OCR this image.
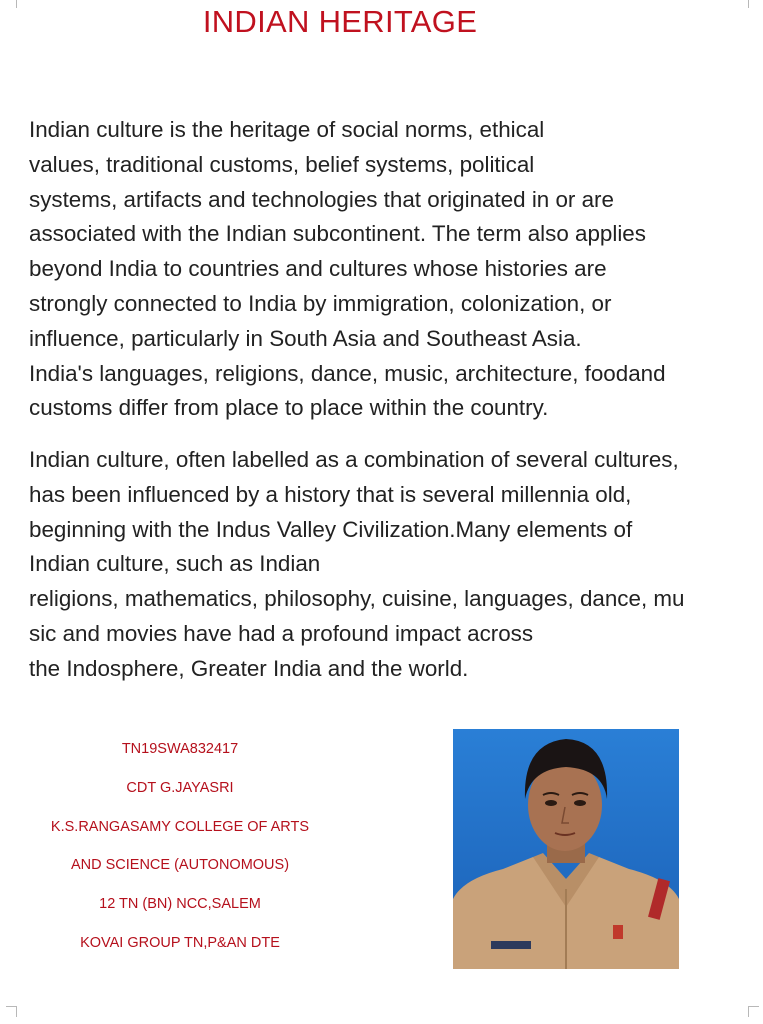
INDIAN HERITAGE
Indian culture is the heritage of social norms, ethical
values, traditional customs, belief systems, political
systems, artifacts and technologies that originated in or are
associated with the Indian subcontinent. The term also applies
beyond India to countries and cultures whose histories are
strongly connected to India by immigration, colonization, or
influence, particularly in South Asia and Southeast Asia.
India's languages, religions, dance, music, architecture, foodand
customs differ from place to place within the country.
Indian culture, often labelled as a combination of several cultures,
has been influenced by a history that is several millennia old,
beginning with the Indus Valley Civilization.Many elements of
Indian culture, such as Indian
religions, mathematics, philosophy, cuisine, languages, dance, mu
sic and movies have had a profound impact across
the Indosphere, Greater India and the world.
TN19SWA832417
CDT G.JAYASRI
K.S.RANGASAMY COLLEGE OF ARTS
AND SCIENCE (AUTONOMOUS)
12 TN (BN) NCC,SALEM
KOVAI GROUP TN,P&AN DTE
